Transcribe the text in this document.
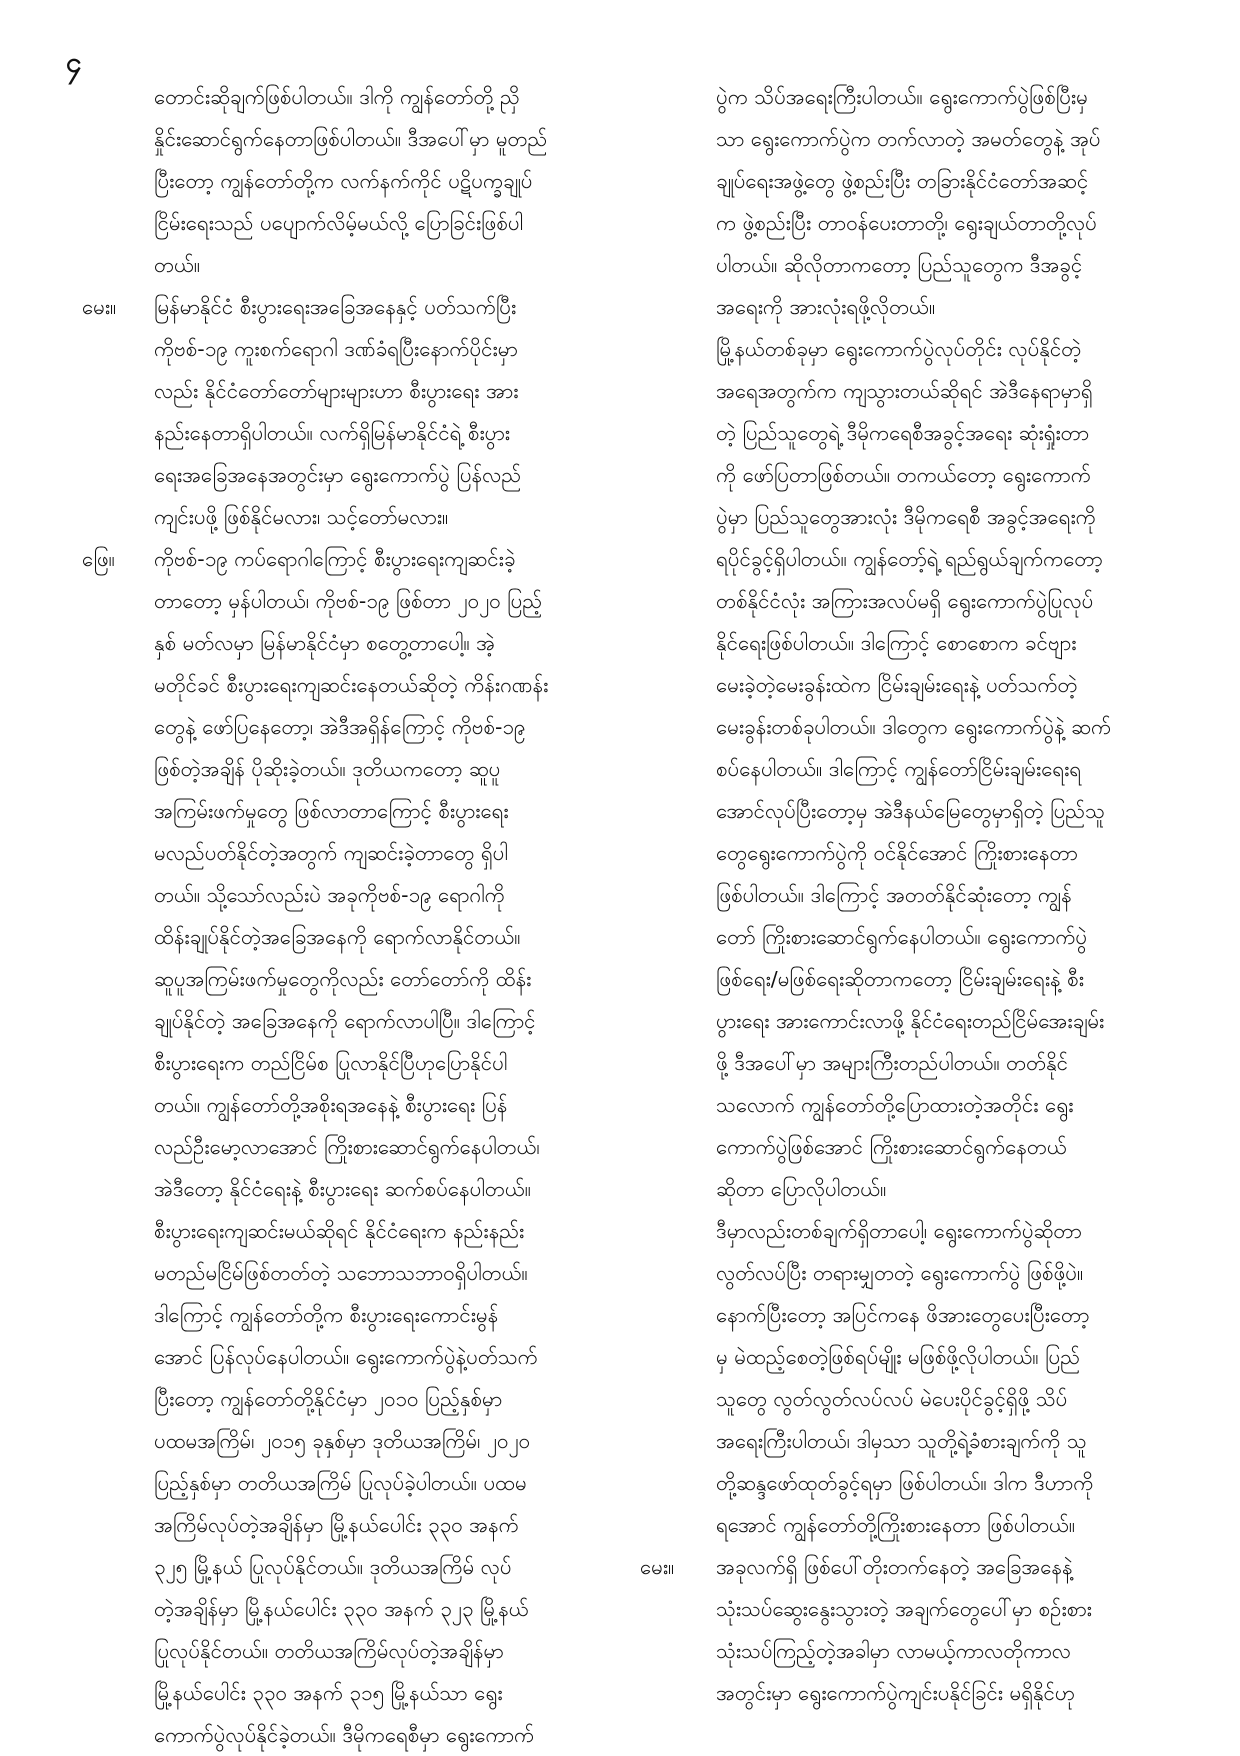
၄
တောင်းဆိုချက်ဖြစ်ပါတယ်။ ဒါကို ကျွန်တော်တို့ ညှိ
နှိုင်းဆောင်ရွက်နေတာဖြစ်ပါတယ်။ ဒီအပေါ်မှာ မူတည်
ပြီးတော့ ကျွန်တော်တို့က လက်နက်ကိုင် ပဋိပက္ခချုပ်
ငြိမ်းရေးသည် ပပျောက်လိမ့်မယ်လို့ ပြောခြင်းဖြစ်ပါ
တယ်။
မေး။ မြန်မာနိုင်ငံ စီးပွားရေးအခြေအနေနှင့် ပတ်သက်ပြီး
ကိုဗစ်-၁၉ ကူးစက်ရောဂါ ဒဏ်ခံရပြီးနောက်ပိုင်းမှာ
လည်း နိုင်ငံတော်တော်များများဟာ စီးပွားရေး အား
နည်းနေတာရှိပါတယ်။ လက်ရှိမြန်မာနိုင်ငံရဲ့ စီးပွား
ရေးအခြေအနေအတွင်းမှာ ရွေးကောက်ပွဲ ပြန်လည်
ကျင်းပဖို့ ဖြစ်နိုင်မလား၊ သင့်တော်မလား။
ဖြေ။ ကိုဗစ်-၁၉ ကပ်ရောဂါကြောင့် စီးပွားရေးကျဆင်းခဲ့
တာတော့ မှန်ပါတယ်၊ ကိုဗစ်-၁၉ ဖြစ်တာ ၂၀၂၀ ပြည့်
နှစ် မတ်လမှာ မြန်မာနိုင်ငံမှာ စတွေ့တာပေါ့။ အဲ့
မတိုင်ခင် စီးပွားရေးကျဆင်းနေတယ်ဆိုတဲ့ ကိန်းဂဏန်း
တွေနဲ့ ဖော်ပြနေတော့၊ အဲဒီအရှိန်ကြောင့် ကိုဗစ်-၁၉
ဖြစ်တဲ့အချိန် ပိုဆိုးခဲ့တယ်။ ဒုတိယကတော့ ဆူပူ
အကြမ်းဖက်မှုတွေ ဖြစ်လာတာကြောင့် စီးပွားရေး
မလည်ပတ်နိုင်တဲ့အတွက် ကျဆင်းခဲ့တာတွေ ရှိပါ
တယ်။ သို့သော်လည်းပဲ အခုကိုဗစ်-၁၉ ရောဂါကို
ထိန်းချုပ်နိုင်တဲ့အခြေအနေကို ရောက်လာနိုင်တယ်။
ဆူပူအကြမ်းဖက်မှုတွေကိုလည်း တော်တော်ကို ထိန်း
ချုပ်နိုင်တဲ့ အခြေအနေကို ရောက်လာပါပြီ။ ဒါကြောင့်
စီးပွားရေးက တည်ငြိမ်စ ပြုလာနိုင်ပြီဟုပြောနိုင်ပါ
တယ်။ ကျွန်တော်တို့အစိုးရအနေနဲ့ စီးပွားရေး ပြန်
လည်ဦးမော့လာအောင် ကြိုးစားဆောင်ရွက်နေပါတယ်၊
အဲဒီတော့ နိုင်ငံရေးနဲ့ စီးပွားရေး ဆက်စပ်နေပါတယ်။
စီးပွားရေးကျဆင်းမယ်ဆိုရင် နိုင်ငံရေးက နည်းနည်း
မတည်မငြိမ်ဖြစ်တတ်တဲ့ သဘောသဘာဝရှိပါတယ်။
ဒါကြောင့် ကျွန်တော်တို့က စီးပွားရေးကောင်းမွန်
အောင် ပြန်လုပ်နေပါတယ်။ ရွေးကောက်ပွဲနဲ့ပတ်သက်
ပြီးတော့ ကျွန်တော်တို့နိုင်ငံမှာ ၂၀၁၀ ပြည့်နှစ်မှာ
ပထမအကြိမ်၊ ၂၀၁၅ ခုနှစ်မှာ ဒုတိယအကြိမ်၊ ၂၀၂၀
ပြည့်နှစ်မှာ တတိယအကြိမ် ပြုလုပ်ခဲ့ပါတယ်။ ပထမ
အကြိမ်လုပ်တဲ့အချိန်မှာ မြို့နယ်ပေါင်း ၃၃၀ အနက်
၃၂၅ မြို့နယ် ပြုလုပ်နိုင်တယ်။ ဒုတိယအကြိမ် လုပ်
တဲ့အချိန်မှာ မြို့နယ်ပေါင်း ၃၃၀ အနက် ၃၂၃ မြို့နယ်
ပြုလုပ်နိုင်တယ်။ တတိယအကြိမ်လုပ်တဲ့အချိန်မှာ
မြို့နယ်ပေါင်း ၃၃၀ အနက် ၃၁၅ မြို့နယ်သာ ရွေး
ကောက်ပွဲလုပ်နိုင်ခဲ့တယ်။ ဒီမိုကရေစီမှာ ရွေးကောက်
ပွဲက သိပ်အရေးကြီးပါတယ်။ ရွေးကောက်ပွဲဖြစ်ပြီးမှ
သာ ရွေးကောက်ပွဲက တက်လာတဲ့ အမတ်တွေနဲ့ အုပ်
ချုပ်ရေးအဖွဲ့တွေ ဖွဲ့စည်းပြီး တခြားနိုင်ငံတော်အဆင့်
က ဖွဲ့စည်းပြီး တာဝန်ပေးတာတို့၊ ရွေးချယ်တာတို့လုပ်
ပါတယ်။ ဆိုလိုတာကတော့ ပြည်သူတွေက ဒီအခွင့်
အရေးကို အားလုံးရဖို့လိုတယ်။
မြို့နယ်တစ်ခုမှာ ရွေးကောက်ပွဲလုပ်တိုင်း လုပ်နိုင်တဲ့
အရေအတွက်က ကျသွားတယ်ဆိုရင် အဲဒီနေရာမှာရှိ
တဲ့ ပြည်သူတွေရဲ့ ဒီမိုကရေစီအခွင့်အရေး ဆုံးရှုံးတာ
ကို ဖော်ပြတာဖြစ်တယ်။ တကယ်တော့ ရွေးကောက်
ပွဲမှာ ပြည်သူတွေအားလုံး ဒီမိုကရေစီ အခွင့်အရေးကို
ရပိုင်ခွင့်ရှိပါတယ်။ ကျွန်တော့်ရဲ့ ရည်ရွယ်ချက်ကတော့
တစ်နိုင်ငံလုံး အကြားအလပ်မရှိ ရွေးကောက်ပွဲပြုလုပ်
နိုင်ရေးဖြစ်ပါတယ်။ ဒါကြောင့် စောစောက ခင်ဗျား
မေးခဲ့တဲ့မေးခွန်းထဲက ငြိမ်းချမ်းရေးနဲ့ ပတ်သက်တဲ့
မေးခွန်းတစ်ခုပါတယ်။ ဒါတွေက ရွေးကောက်ပွဲနဲ့ ဆက်
စပ်နေပါတယ်။ ဒါကြောင့် ကျွန်တော်ငြိမ်းချမ်းရေးရ
အောင်လုပ်ပြီးတော့မှ အဲဒီနယ်မြေတွေမှာရှိတဲ့ ပြည်သူ
တွေရွေးကောက်ပွဲကို ဝင်နိုင်အောင် ကြိုးစားနေတာ
ဖြစ်ပါတယ်။ ဒါကြောင့် အတတ်နိုင်ဆုံးတော့ ကျွန်
တော် ကြိုးစားဆောင်ရွက်နေပါတယ်။ ရွေးကောက်ပွဲ
ဖြစ်ရေး/မဖြစ်ရေးဆိုတာကတော့ ငြိမ်းချမ်းရေးနဲ့ စီး
ပွားရေး အားကောင်းလာဖို့ နိုင်ငံရေးတည်ငြိမ်အေးချမ်း
ဖို့ ဒီအပေါ်မှာ အများကြီးတည်ပါတယ်။ တတ်နိုင်
သလောက် ကျွန်တော်တို့ပြောထားတဲ့အတိုင်း ရွေး
ကောက်ပွဲဖြစ်အောင် ကြိုးစားဆောင်ရွက်နေတယ်
ဆိုတာ ပြောလိုပါတယ်။
ဒီမှာလည်းတစ်ချက်ရှိတာပေါ့၊ ရွေးကောက်ပွဲဆိုတာ
လွတ်လပ်ပြီး တရားမျှတတဲ့ ရွေးကောက်ပွဲ ဖြစ်ဖို့ပဲ။
နောက်ပြီးတော့ အပြင်ကနေ ဖိအားတွေပေးပြီးတော့
မှ မဲထည့်စေတဲ့ဖြစ်ရပ်မျိုး မဖြစ်ဖို့လိုပါတယ်။ ပြည်
သူတွေ လွတ်လွတ်လပ်လပ် မဲပေးပိုင်ခွင့်ရှိဖို့ သိပ်
အရေးကြီးပါတယ်၊ ဒါမှသာ သူတို့ရဲ့ခံစားချက်ကို သူ
တို့ဆန္ဒဖော်ထုတ်ခွင့်ရမှာ ဖြစ်ပါတယ်။ ဒါက ဒီဟာကို
ရအောင် ကျွန်တော်တို့ကြိုးစားနေတာ ဖြစ်ပါတယ်။
မေး။ အခုလက်ရှိ ဖြစ်ပေါ်တိုးတက်နေတဲ့ အခြေအနေနဲ့
သုံးသပ်ဆွေးနွေးသွားတဲ့ အချက်တွေပေါ်မှာ စဉ်းစား
သုံးသပ်ကြည့်တဲ့အခါမှာ လာမယ့်ကာလတိုကာလ
အတွင်းမှာ ရွေးကောက်ပွဲကျင်းပနိုင်ခြင်း မရှိနိုင်ဟု
